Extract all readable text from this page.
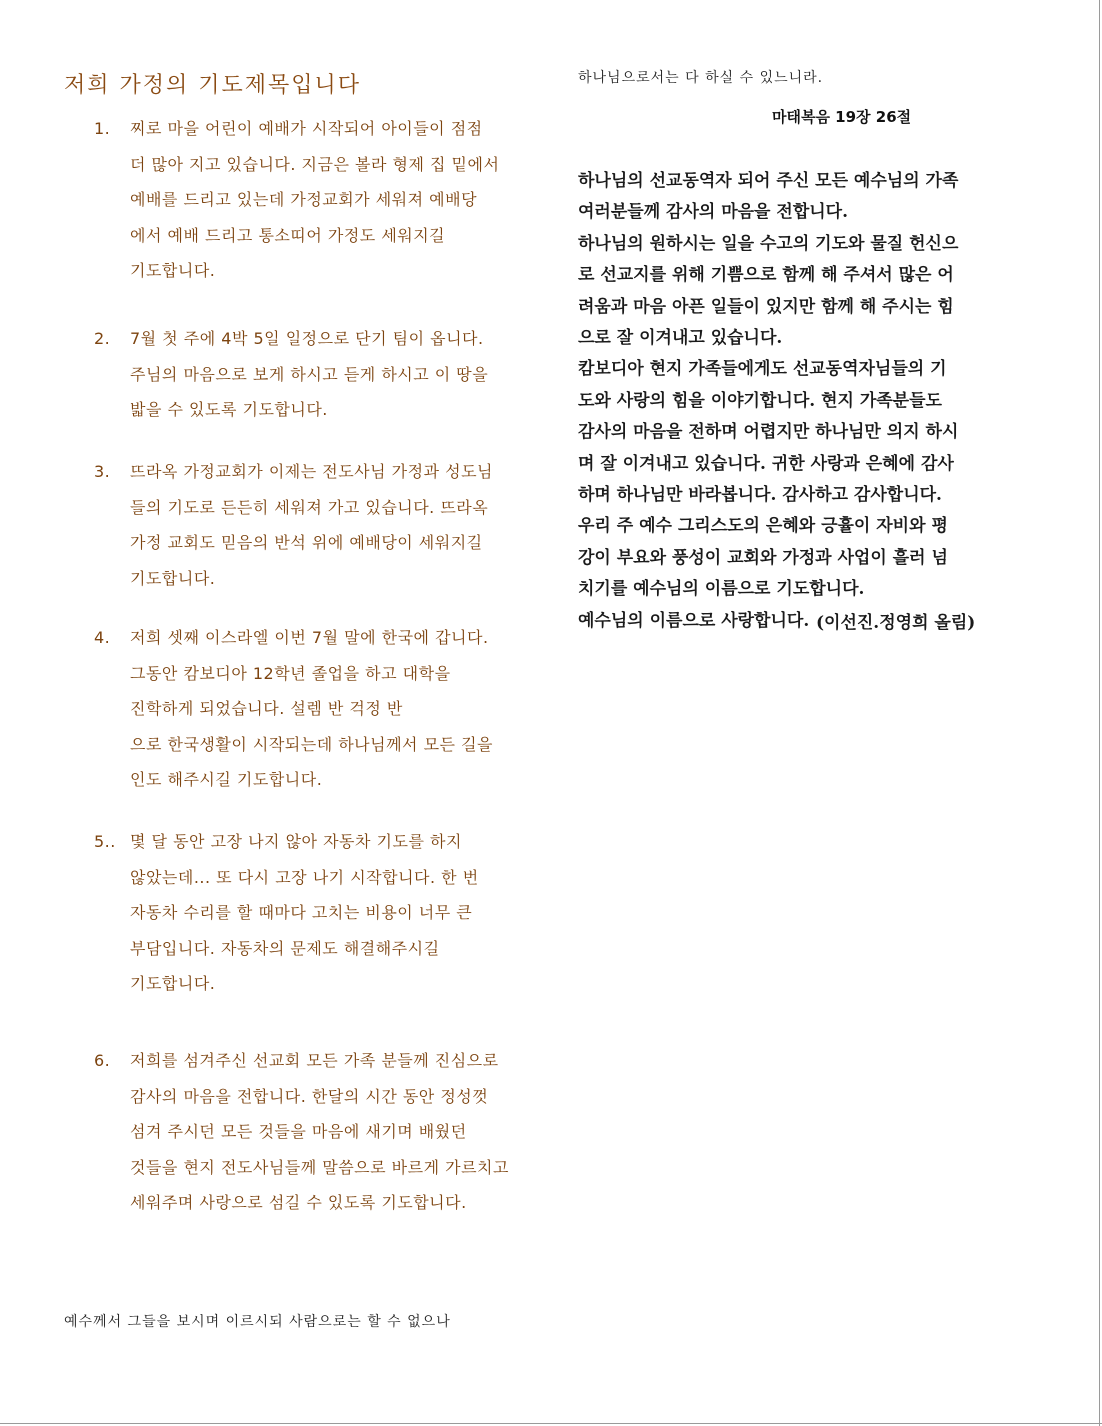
저희 가정의 기도제목입니다
1.	찌로 마을 어린이 예배가 시작되어 아이들이 점점
더 많아 지고 있습니다. 지금은 볼라 형제 집 밑에서
예배를 드리고 있는데 가정교회가 세워져 예배당
에서 예배 드리고 통소띠어 가정도 세워지길
기도합니다.
2.	7월 첫 주에 4박 5일 일정으로 단기 팀이 옵니다.
주님의 마음으로 보게 하시고 듣게 하시고 이 땅을
밟을 수 있도록 기도합니다.
3.	뜨라옥 가정교회가 이제는 전도사님 가정과 성도님
들의 기도로 든든히 세워져 가고 있습니다. 뜨라옥
가정 교회도 믿음의 반석 위에 예배당이 세워지길
기도합니다.
4.	저희 셋째 이스라엘 이번 7월 말에 한국에 갑니다.
그동안 캄보디아 12학년 졸업을 하고 대학을
진학하게 되었습니다. 설렘 반 걱정 반
으로 한국생활이 시작되는데 하나님께서 모든 길을
인도 해주시길 기도합니다.
5.. 몇 달 동안 고장 나지 않아 자동차 기도를 하지
않았는데... 또 다시 고장 나기 시작합니다. 한 번
자동차 수리를 할 때마다 고치는 비용이 너무 큰
부담입니다. 자동차의 문제도 해결해주시길
기도합니다.
6.	저희를 섬겨주신 선교회 모든 가족 분들께 진심으로
감사의 마음을 전합니다. 한달의 시간 동안 정성껏
섬겨 주시던 모든 것들을 마음에 새기며 배웠던
것들을 현지 전도사님들께 말씀으로 바르게 가르치고
세워주며 사랑으로 섬길 수 있도록 기도합니다.
예수께서 그들을 보시며 이르시되 사람으로는 할 수 없으나
하나님으로서는 다 하실 수 있느니라.
마태복음 19장 26절
하나님의 선교동역자 되어 주신 모든 예수님의 가족
여러분들께 감사의 마음을 전합니다.
하나님의 원하시는 일을 수고의 기도와 물질 헌신으
로 선교지를 위해 기쁨으로 함께 해 주셔서 많은 어
려움과 마음 아픈 일들이 있지만 함께 해 주시는 힘
으로 잘 이겨내고 있습니다.
캄보디아 현지 가족들에게도 선교동역자님들의 기
도와 사랑의 힘을 이야기합니다. 현지 가족분들도
감사의 마음을 전하며 어렵지만 하나님만 의지 하시
며 잘 이겨내고 있습니다. 귀한 사랑과 은혜에 감사
하며 하나님만 바라봅니다. 감사하고 감사합니다.
우리 주 예수 그리스도의 은혜와 긍휼이 자비와 평
강이 부요와 풍성이 교회와 가정과 사업이 흘러 넘
치기를 예수님의 이름으로 기도합니다.
예수님의 이름으로 사랑합니다. (이선진.정영희 올림)
